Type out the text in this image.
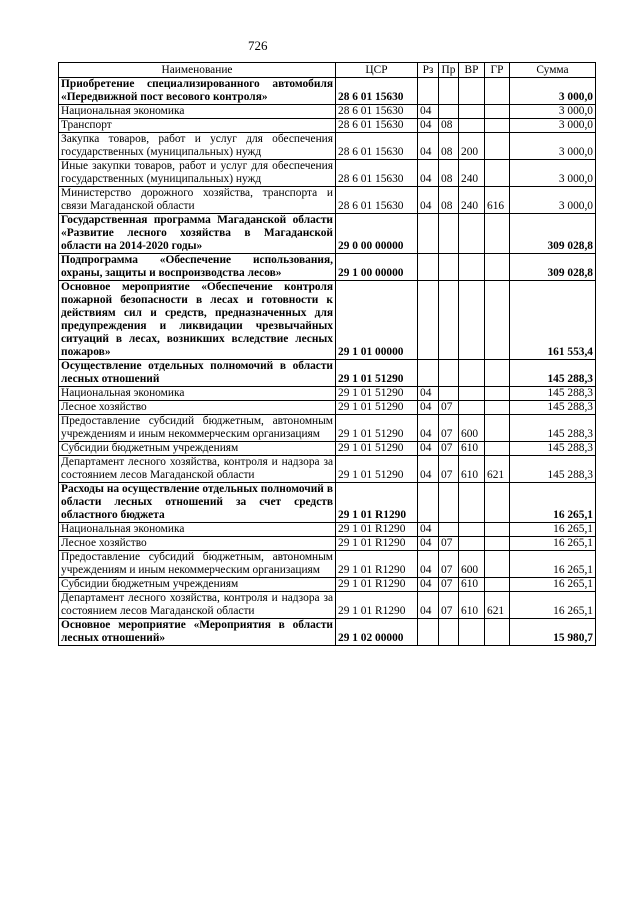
726
Наименование	ЦСР	Рз	Пр	ВР	ГР	Сумма
Приобретение специализированного автомобиля «Передвижной пост весового контроля»	28 6 01 15630					3 000,0
Национальная экономика	28 6 01 15630	04				3 000,0
Транспорт	28 6 01 15630	04	08			3 000,0
Закупка товаров, работ и услуг для обеспечения государственных (муниципальных) нужд	28 6 01 15630	04	08	200		3 000,0
Иные закупки товаров, работ и услуг для обеспечения государственных (муниципальных) нужд	28 6 01 15630	04	08	240		3 000,0
Министерство дорожного хозяйства, транспорта и связи Магаданской области	28 6 01 15630	04	08	240	616	3 000,0
Государственная программа Магаданской области «Развитие лесного хозяйства в Магаданской области на 2014-2020 годы»	29 0 00 00000					309 028,8
Подпрограмма «Обеспечение использования, охраны, защиты и воспроизводства лесов»	29 1 00 00000					309 028,8
Основное мероприятие «Обеспечение контроля пожарной безопасности в лесах и готовности к действиям сил и средств, предназначенных для предупреждения и ликвидации чрезвычайных ситуаций в лесах, возникших вследствие лесных пожаров»	29 1 01 00000					161 553,4
Осуществление отдельных полномочий в области лесных отношений	29 1 01 51290					145 288,3
Национальная экономика	29 1 01 51290	04				145 288,3
Лесное хозяйство	29 1 01 51290	04	07			145 288,3
Предоставление субсидий бюджетным, автономным учреждениям и иным некоммерческим организациям	29 1 01 51290	04	07	600		145 288,3
Субсидии бюджетным учреждениям	29 1 01 51290	04	07	610		145 288,3
Департамент лесного хозяйства, контроля и надзора за состоянием лесов Магаданской области	29 1 01 51290	04	07	610	621	145 288,3
Расходы на осуществление отдельных полномочий в области лесных отношений за счет средств областного бюджета	29 1 01 R1290					16 265,1
Национальная экономика	29 1 01 R1290	04				16 265,1
Лесное хозяйство	29 1 01 R1290	04	07			16 265,1
Предоставление субсидий бюджетным, автономным учреждениям и иным некоммерческим организациям	29 1 01 R1290	04	07	600		16 265,1
Субсидии бюджетным учреждениям	29 1 01 R1290	04	07	610		16 265,1
Департамент лесного хозяйства, контроля и надзора за состоянием лесов Магаданской области	29 1 01 R1290	04	07	610	621	16 265,1
Основное мероприятие «Мероприятия в области лесных отношений»	29 1 02 00000					15 980,7
